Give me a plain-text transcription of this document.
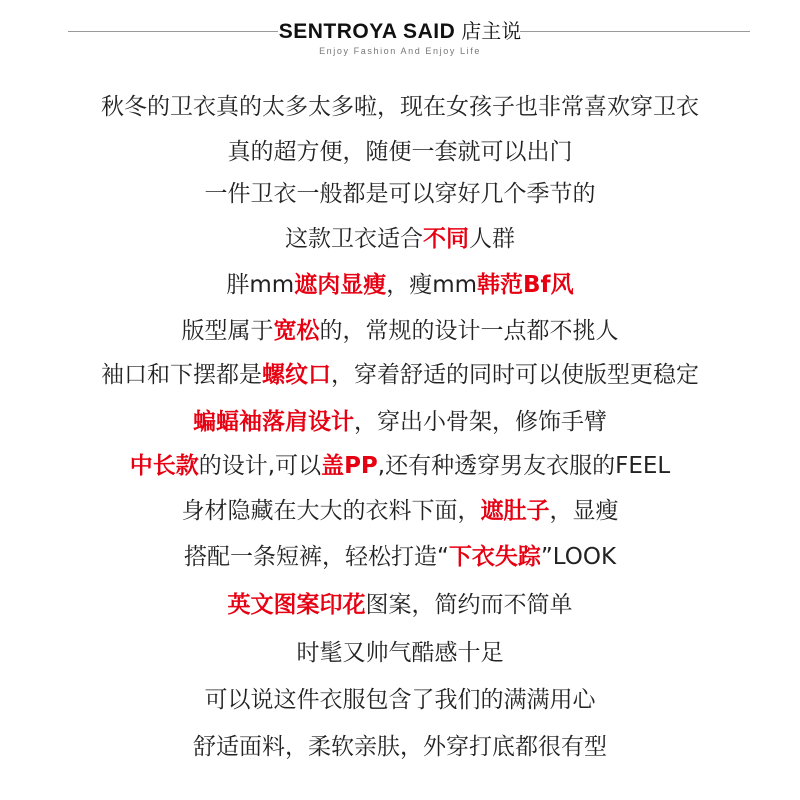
SENTROYA SAID 店主说
Enjoy Fashion And Enjoy Life
秋冬的卫衣真的太多太多啦，现在女孩子也非常喜欢穿卫衣
真的超方便，随便一套就可以出门
一件卫衣一般都是可以穿好几个季节的
这款卫衣适合不同人群
胖mm遮肉显瘦，瘦mm韩范Bf风
版型属于宽松的，常规的设计一点都不挑人
袖口和下摆都是螺纹口，穿着舒适的同时可以使版型更稳定
蝙蝠袖落肩设计，穿出小骨架，修饰手臂
中长款的设计,可以盖PP,还有种透穿男友衣服的FEEL
身材隐藏在大大的衣料下面，遮肚子，显瘦
搭配一条短裤，轻松打造“下衣失踪”LOOK
英文图案印花图案，简约而不简单
时髦又帅气酷感十足
可以说这件衣服包含了我们的满满用心
舒适面料，柔软亲肤，外穿打底都很有型
